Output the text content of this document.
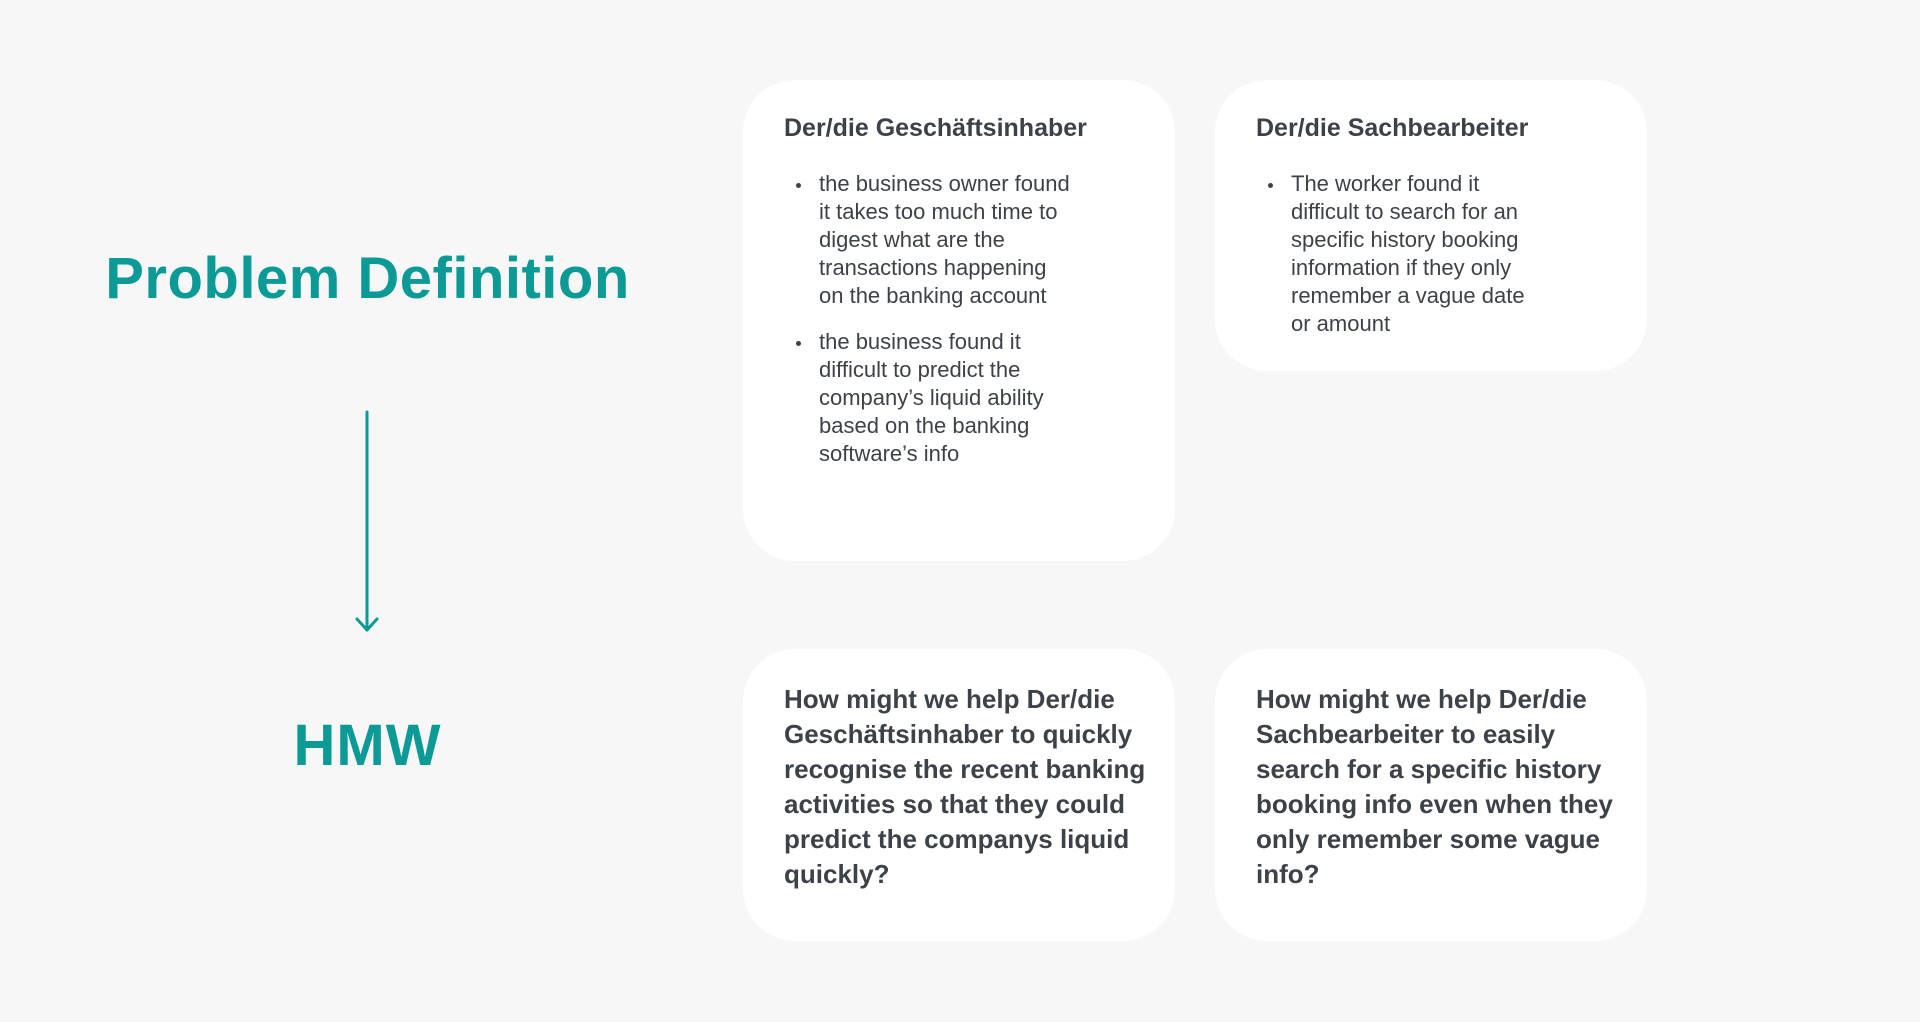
Problem Definition
HMW
Der/die Geschäftsinhaber
the business owner found it takes too much time to digest what are the transactions happening on the banking account
the business found it difficult to predict the company’s liquid ability based on the banking software’s info
Der/die Sachbearbeiter
The worker found it difficult to search for an specific history booking information if they only remember a vague date or amount

How might we help Der/die Geschäftsinhaber to quickly recognise the recent banking activities so that they could predict the companys liquid quickly?

How might we help Der/die Sachbearbeiter to easily search for a specific history booking info even when they only remember some vague info?
